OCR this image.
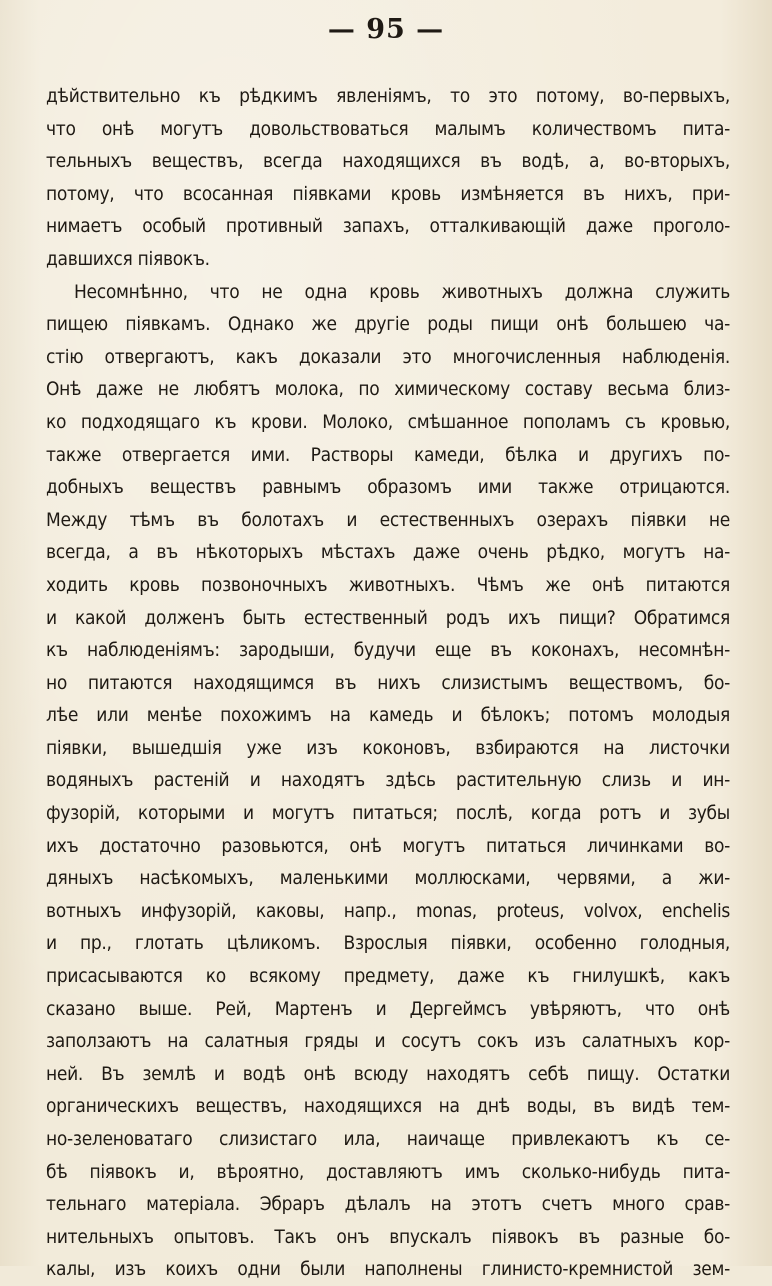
— 95 —
дѣйствительно къ рѣдкимъ явленіямъ, то это потому, во-первыхъ,
что онѣ могутъ довольствоваться малымъ количествомъ пита-
тельныхъ веществъ, всегда находящихся въ водѣ, а, во-вторыхъ,
потому, что всосанная піявками кровь измѣняется въ нихъ, при-
нимаетъ особый противный запахъ, отталкивающій даже проголо-
давшихся піявокъ.
Несомнѣнно, что не одна кровь животныхъ должна служить
пищею піявкамъ. Однако же другіе роды пищи онѣ большею ча-
стію отвергаютъ, какъ доказали это многочисленныя наблюденія.
Онѣ даже не любятъ молока, по химическому составу весьма близ-
ко подходящаго къ крови. Молоко, смѣшанное пополамъ съ кровью,
также отвергается ими. Растворы камеди, бѣлка и другихъ по-
добныхъ веществъ равнымъ образомъ ими также отрицаются.
Между тѣмъ въ болотахъ и естественныхъ озерахъ піявки не
всегда, а въ нѣкоторыхъ мѣстахъ даже очень рѣдко, могутъ на-
ходить кровь позвоночныхъ животныхъ. Чѣмъ же онѣ питаются
и какой долженъ быть естественный родъ ихъ пищи? Обратимся
къ наблюденіямъ: зародыши, будучи еще въ коконахъ, несомнѣн-
но питаются находящимся въ нихъ слизистымъ веществомъ, бо-
лѣе или менѣе похожимъ на камедь и бѣлокъ; потомъ молодыя
піявки, вышедшія уже изъ коконовъ, взбираются на листочки
водяныхъ растеній и находятъ здѣсь растительную слизь и ин-
фузорій, которыми и могутъ питаться; послѣ, когда ротъ и зубы
ихъ достаточно разовьются, онѣ могутъ питаться личинками во-
дяныхъ насѣкомыхъ, маленькими моллюсками, червями, а жи-
вотныхъ инфузорій, каковы, напр., monas, proteus, volvox, enchelis
и пр., глотать цѣликомъ. Взрослыя піявки, особенно голодныя,
присасываются ко всякому предмету, даже къ гнилушкѣ, какъ
сказано выше. Рей, Мартенъ и Дергеймсъ увѣряютъ, что онѣ
заползаютъ на салатныя гряды и сосутъ сокъ изъ салатныхъ кор-
ней. Въ землѣ и водѣ онѣ всюду находятъ себѣ пищу. Остатки
органическихъ веществъ, находящихся на днѣ воды, въ видѣ тем-
но-зеленоватаго слизистаго ила, наичаще привлекаютъ къ се-
бѣ піявокъ и, вѣроятно, доставляютъ имъ сколько-нибудь пита-
тельнаго матеріала. Эбраръ дѣлалъ на этотъ счетъ много срав-
нительныхъ опытовъ. Такъ онъ впускалъ піявокъ въ разные бо-
калы, изъ коихъ одни были наполнены глинисто-кремнистой зем-
